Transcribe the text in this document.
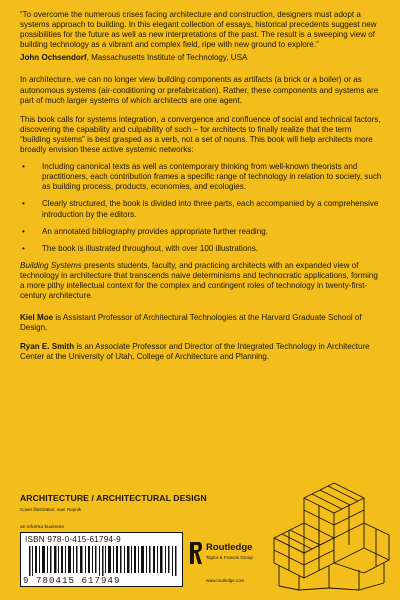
“To overcome the numerous crises facing architecture and construction, designers must adopt a systems approach to building. In this elegant collection of essays, historical precedents suggest new possibilities for the future as well as new interpretations of the past. The result is a sweeping view of building technology as a vibrant and complex field, ripe with new ground to explore.”

John Ochsendorf, Massachusetts Institute of Technology, USA

In architecture, we can no longer view building components as artifacts (a brick or a boiler) or as autonomous systems (air-conditioning or prefabrication). Rather, these components and systems are part of much larger systems of which architects are one agent.

This book calls for systems integration, a convergence and confluence of social and technical factors, discovering the capability and culpability of such – for architects to finally realize that the term “building systems” is best grasped as a verb, not a set of nouns. This book will help architects more broadly envision these active systemic networks:

• Including canonical texts as well as contemporary thinking from well-known theorists and practitioners, each contribution frames a specific range of technology in relation to society, such as building process, products, economies, and ecologies.
• Clearly structured, the book is divided into three parts, each accompanied by a comprehensive introduction by the editors.
• An annotated bibliography provides appropriate further reading.
• The book is illustrated throughout, with over 100 illustrations.

Building Systems presents students, faculty, and practicing architects with an expanded view of technology in architecture that transcends naive determinisms and technocratic applications, forming a more pithy intellectual context for the complex and contingent roles of technology in twenty-first-century architecture.

Kiel Moe is Assistant Professor of Architectural Technologies at the Harvard Graduate School of Design.

Ryan E. Smith is an Associate Professor and Director of the Integrated Technology in Architecture Center at the University of Utah, College of Architecture and Planning.

ARCHITECTURE / ARCHITECTURAL DESIGN
Cover illustration: Ivan Rupnik
an informa business
ISBN 978-0-415-61794-9
9 780415 617949
Routledge
Taylor & Francis Group
www.routledge.com
